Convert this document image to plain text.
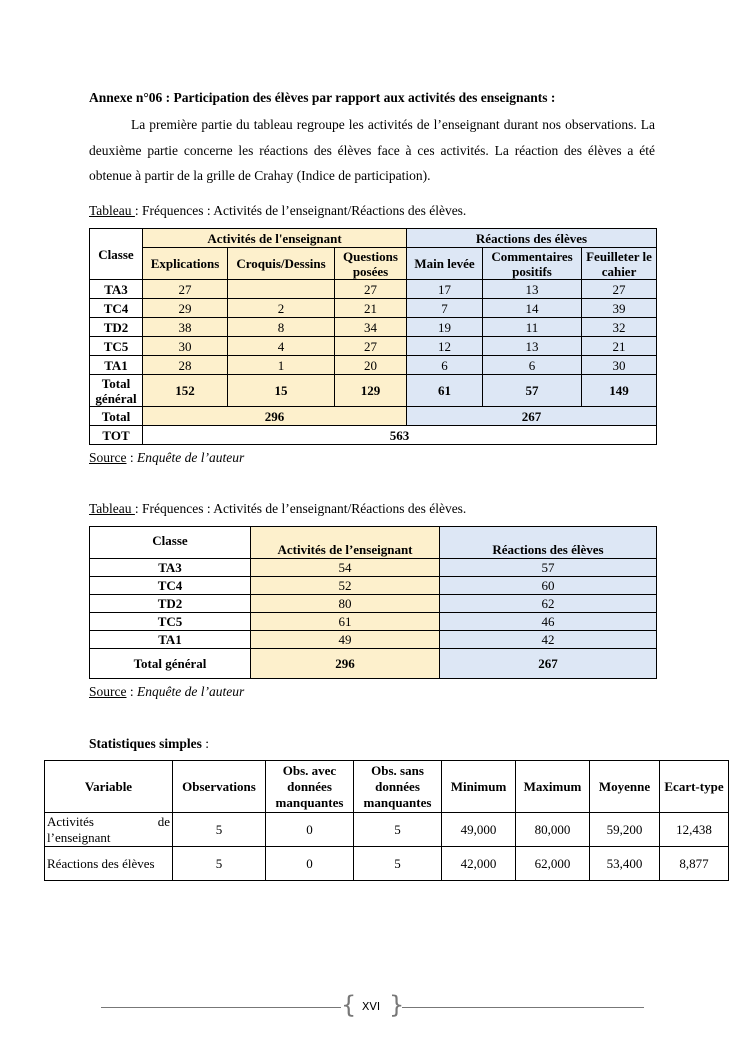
Annexe n°06 : Participation des élèves par rapport aux activités des enseignants :
La première partie du tableau regroupe les activités de l’enseignant durant nos observations. La deuxième partie concerne les réactions des élèves face à ces activités. La réaction des élèves a été obtenue à partir de la grille de Crahay (Indice de participation).
Tableau : Fréquences : Activités de l’enseignant/Réactions des élèves.
Classe	Activités de l'enseignant			Réactions des élèves		
	Explications	Croquis/Dessins	Questions posées	Main levée	Commentaires positifs	Feuilleter le cahier
TA3	27		27	17	13	27
TC4	29	2	21	7	14	39
TD2	38	8	34	19	11	32
TC5	30	4	27	12	13	21
TA1	28	1	20	6	6	30
Total général	152	15	129	61	57	149
Total	296			267		
TOT	563					
Source : Enquête de l’auteur
Tableau : Fréquences : Activités de l’enseignant/Réactions des élèves.
Classe	Activités de l’enseignant	Réactions des élèves
TA3	54	57
TC4	52	60
TD2	80	62
TC5	61	46
TA1	49	42
Total général	296	267
Source : Enquête de l’auteur
Statistiques simples :
Variable	Observations	Obs. avec données manquantes	Obs. sans données manquantes	Minimum	Maximum	Moyenne	Ecart-type
Activités de l’enseignant	5	0	5	49,000	80,000	59,200	12,438
Réactions des élèves	5	0	5	42,000	62,000	53,400	8,877
{ }
XVI
